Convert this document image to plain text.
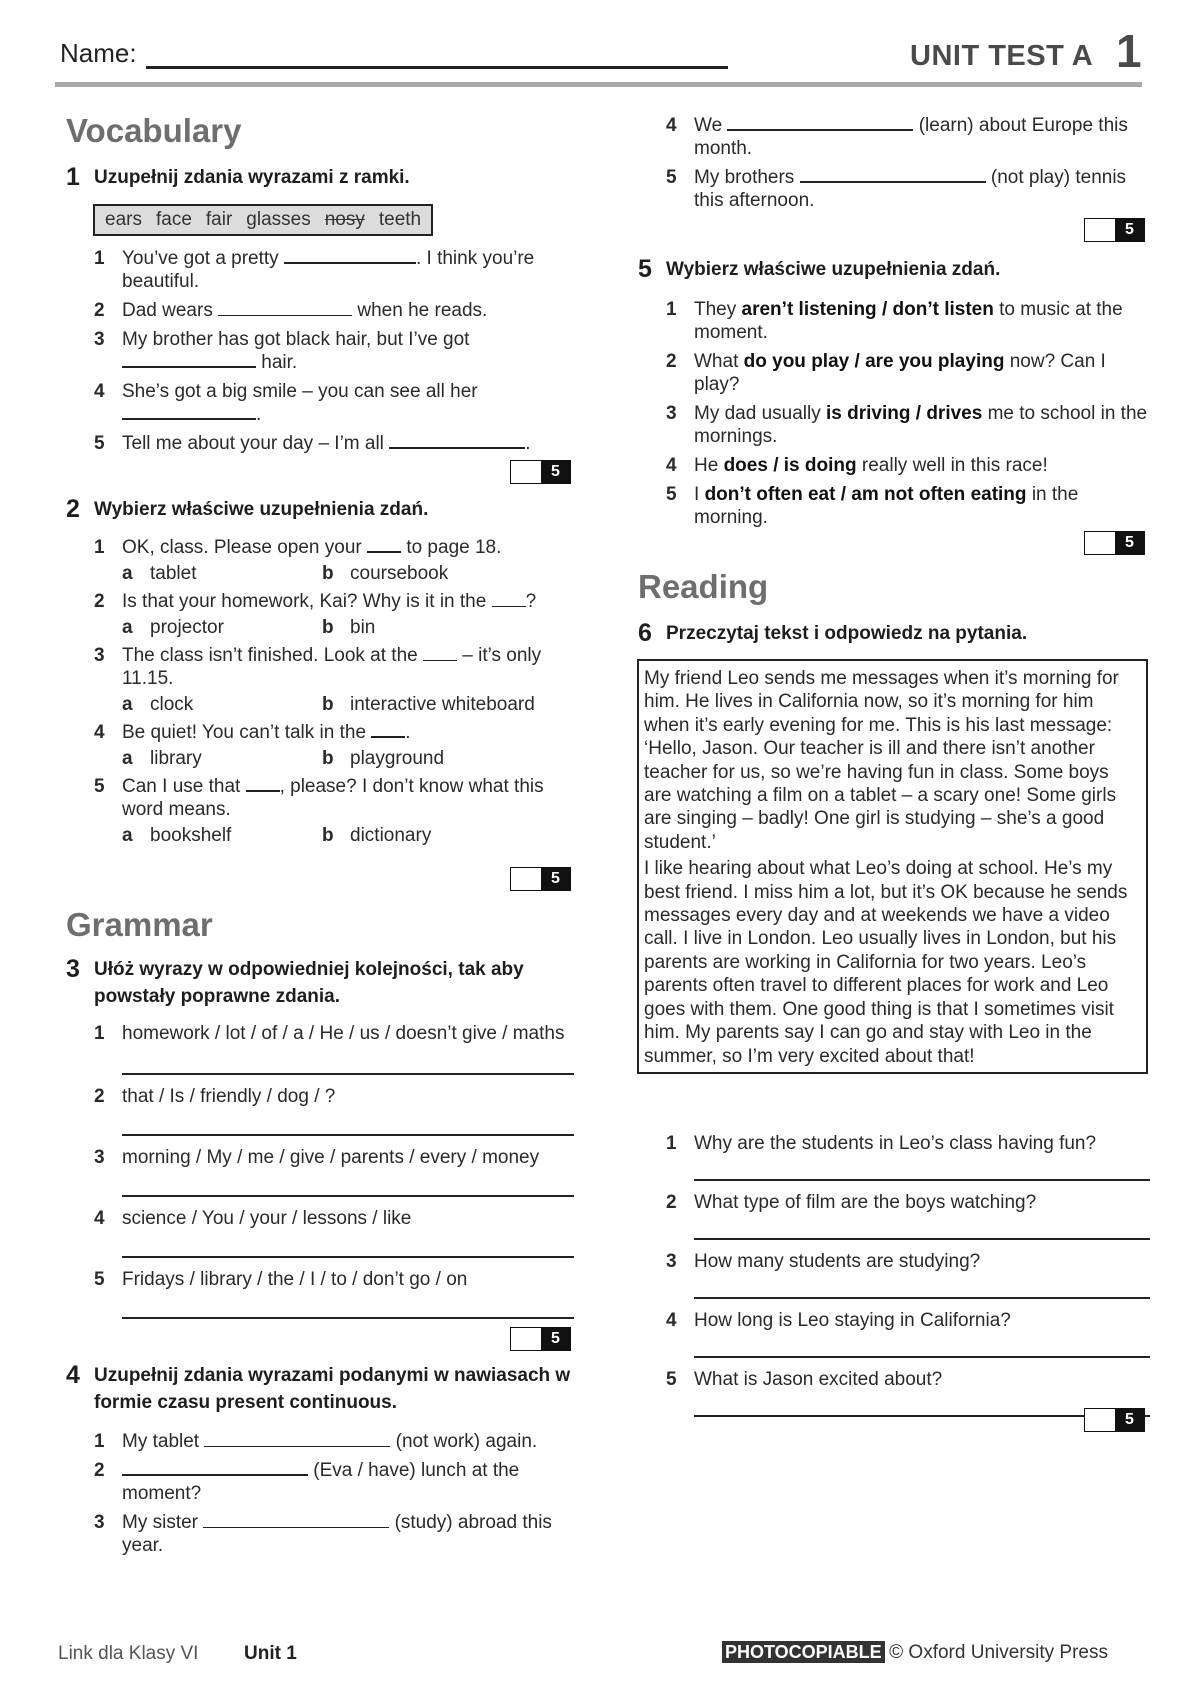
Name:	UNIT TEST A 1
Vocabulary
1 Uzupełnij zdania wyrazami z ramki.
ears face fair glasses nosy teeth
1 You’ve got a pretty	. I think you’re beautiful.
2 Dad wears	when he reads.
3 My brother has got black hair, but I’ve got
hair.
4 She’s got a big smile – you can see all her
.
5 Tell me about your day – I’m all	.
5
2 Wybierz właściwe uzupełnienia zdań.
1 OK, class. Please open your to page 18.
a tablet	b coursebook
2 Is that your homework, Kai? Why is it in the ?
a projector	b bin
3 The class isn’t finished. Look at the – it’s only 11.15.
a clock	b interactive whiteboard
4 Be quiet! You can’t talk in the .
a library	b playground
5 Can I use that , please? I don’t know what this word means.
a bookshelf	b dictionary
5
Grammar
3 Ułóż wyrazy w odpowiedniej kolejności, tak aby powstały poprawne zdania.
1 homework / lot / of / a / He / us / doesn’t give / maths
2 that / Is / friendly / dog / ?
3 morning / My / me / give / parents / every / money
4 science / You / your / lessons / like
5 Fridays / library / the / I / to / don’t go / on
5
4 Uzupełnij zdania wyrazami podanymi w nawiasach w formie czasu present continuous.
1 My tablet	(not work) again.
2	(Eva / have) lunch at the moment?
3 My sister	(study) abroad this year.
4 We	(learn) about Europe this month.
5 My brothers	(not play) tennis this afternoon.
5
5 Wybierz właściwe uzupełnienia zdań.
1 They aren’t listening / don’t listen to music at the moment.
2 What do you play / are you playing now? Can I play?
3 My dad usually is driving / drives me to school in the mornings.
4 He does / is doing really well in this race!
5 I don’t often eat / am not often eating in the morning.
5
Reading
6 Przeczytaj tekst i odpowiedz na pytania.

My friend Leo sends me messages when it’s morning for him. He lives in California now, so it’s morning for him when it’s early evening for me. This is his last message: ‘Hello, Jason. Our teacher is ill and there isn’t another teacher for us, so we’re having fun in class. Some boys are watching a film on a tablet – a scary one! Some girls are singing – badly! One girl is studying – she’s a good student.’

I like hearing about what Leo’s doing at school. He’s my best friend. I miss him a lot, but it’s OK because he sends messages every day and at weekends we have a video call. I live in London. Leo usually lives in London, but his parents are working in California for two years. Leo’s parents often travel to different places for work and Leo goes with them. One good thing is that I sometimes visit him. My parents say I can go and stay with Leo in the summer, so I’m very excited about that!

1 Why are the students in Leo’s class having fun?
2 What type of film are the boys watching?
3 How many students are studying?
4 How long is Leo staying in California?
5 What is Jason excited about?
5
Link dla Klasy VI Unit 1	PHOTOCOPIABLE © Oxford University Press
